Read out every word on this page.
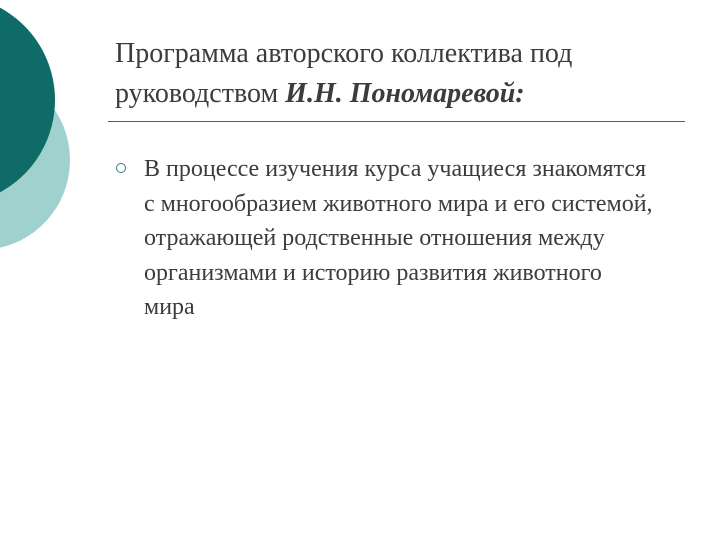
Программа авторского коллектива под руководством И.Н. Пономаревой:
В процессе изучения курса учащиеся знакомятся с многообразием животного мира и его системой, отражающей родственные отношения между организмами и историю развития животного мира
